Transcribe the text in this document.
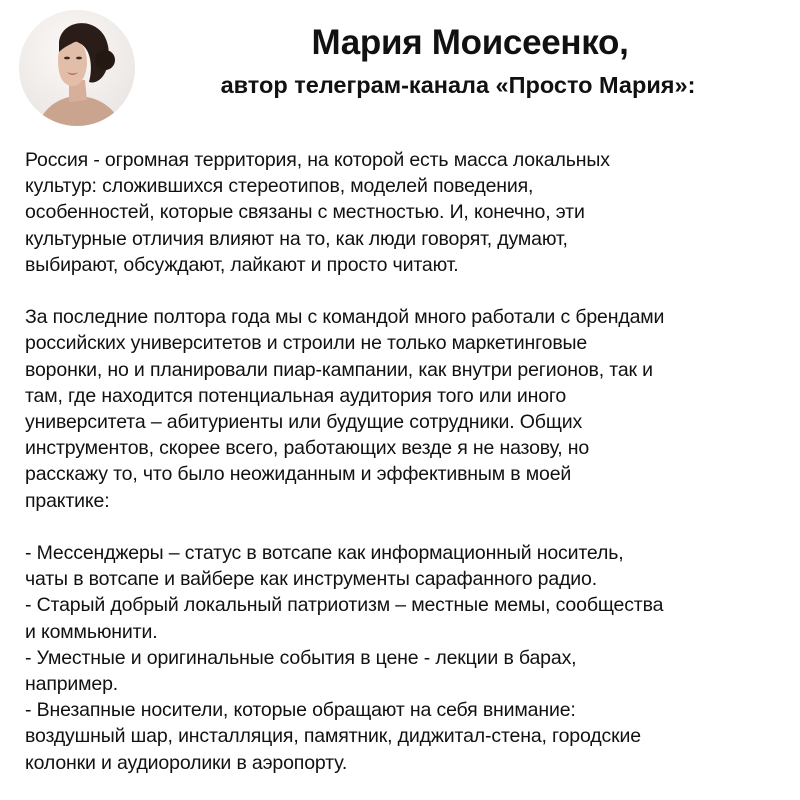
Мария Моисеенко,
автор телеграм-канала «Просто Мария»:

Россия - огромная территория, на которой есть масса локальных
культур: сложившихся стереотипов, моделей поведения,
особенностей, которые связаны с местностью. И, конечно, эти
культурные отличия влияют на то, как люди говорят, думают,
выбирают, обсуждают, лайкают и просто читают.

За последние полтора года мы с командой много работали с брендами
российских университетов и строили не только маркетинговые
воронки, но и планировали пиар-кампании, как внутри регионов, так и
там, где находится потенциальная аудитория того или иного
университета – абитуриенты или будущие сотрудники. Общих
инструментов, скорее всего, работающих везде я не назову, но
расскажу то, что было неожиданным и эффективным в моей
практике:

- Мессенджеры – статус в вотсапе как информационный носитель,
чаты в вотсапе и вайбере как инструменты сарафанного радио.
- Старый добрый локальный патриотизм – местные мемы, сообщества
и коммьюнити.
- Уместные и оригинальные события в цене - лекции в барах,
например.
- Внезапные носители, которые обращают на себя внимание:
воздушный шар, инсталляция, памятник, диджитал-стена, городские
колонки и аудиоролики в аэропорту.
